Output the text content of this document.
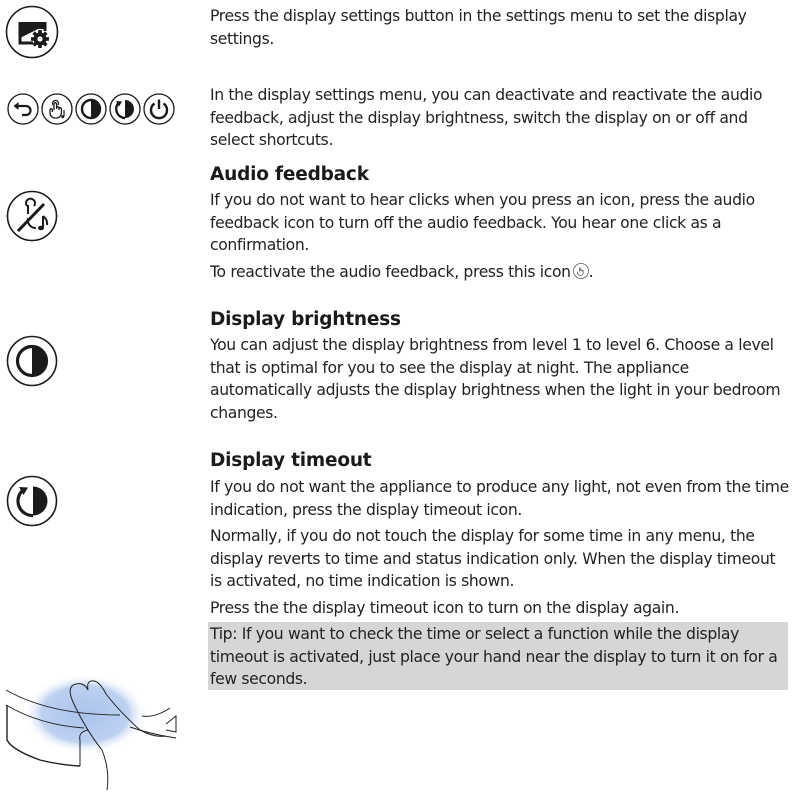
Press the display settings button in the settings menu to set the display settings.

In the display settings menu, you can deactivate and reactivate the audio feedback, adjust the display brightness, switch the display on or off and select shortcuts.

Audio feedback

If you do not want to hear clicks when you press an icon, press the audio feedback icon to turn off the audio feedback. You hear one click as a confirmation.

To reactivate the audio feedback, press this icon .

Display brightness

You can adjust the display brightness from level 1 to level 6. Choose a level that is optimal for you to see the display at night. The appliance automatically adjusts the display brightness when the light in your bedroom changes.

Display timeout

If you do not want the appliance to produce any light, not even from the time indication, press the display timeout icon.

Normally, if you do not touch the display for some time in any menu, the display reverts to time and status indication only. When the display timeout is activated, no time indication is shown.

Press the the display timeout icon to turn on the display again.

Tip: If you want to check the time or select a function while the display timeout is activated, just place your hand near the display to turn it on for a few seconds.
